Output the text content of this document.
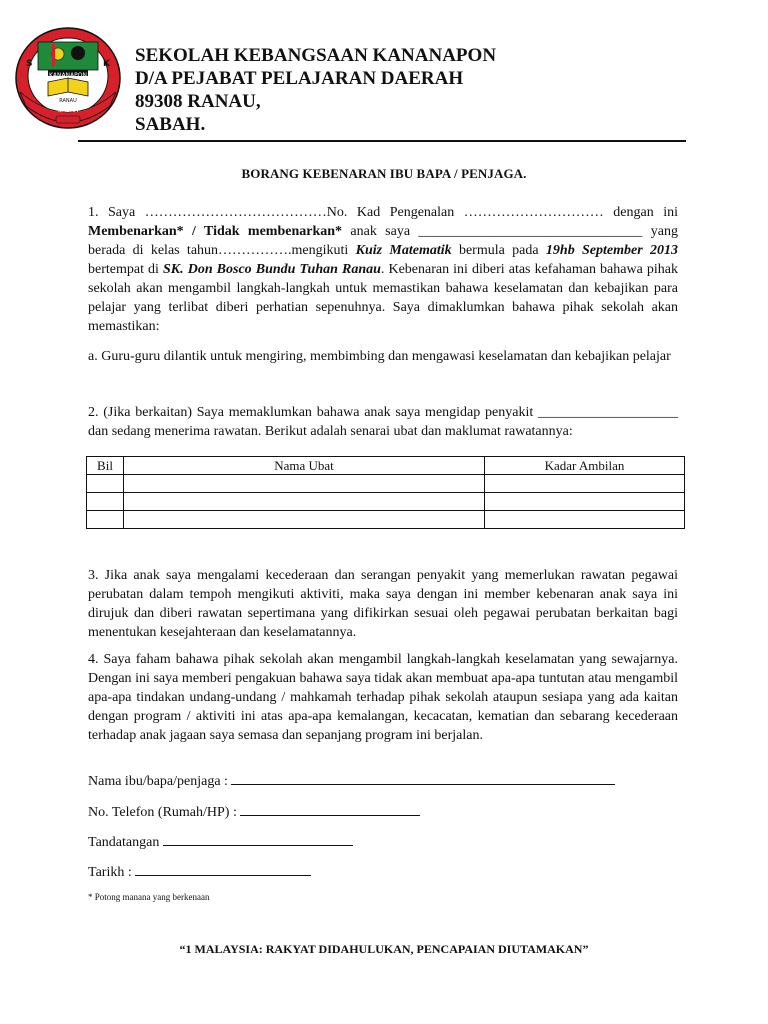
S	K
KANANAPON
RANAU
SABAH
SEKOLAH KEBANGSAAN KANANAPON
D/A PEJABAT PELAJARAN DAERAH
89308 RANAU,
SABAH.
BORANG KEBENARAN IBU BAPA / PENJAGA.
1. Saya …………………………………No. Kad Pengenalan ………………………… dengan ini Membenarkan* / Tidak membenarkan* anak saya ________________________________ yang berada di kelas tahun…………….mengikuti Kuiz Matematik bermula pada 19hb September 2013 bertempat di SK. Don Bosco Bundu Tuhan Ranau. Kebenaran ini diberi atas kefahaman bahawa pihak sekolah akan mengambil langkah-langkah untuk memastikan bahawa keselamatan dan kebajikan para pelajar yang terlibat diberi perhatian sepenuhnya. Saya dimaklumkan bahawa pihak sekolah akan memastikan:
a. Guru-guru dilantik untuk mengiring, membimbing dan mengawasi keselamatan dan kebajikan pelajar
2. (Jika berkaitan) Saya memaklumkan bahawa anak saya mengidap penyakit ____________________ dan sedang menerima rawatan. Berikut adalah senarai ubat dan maklumat rawatannya:
Bil	Nama Ubat	Kadar Ambilan

3. Jika anak saya mengalami kecederaan dan serangan penyakit yang memerlukan rawatan pegawai perubatan dalam tempoh mengikuti aktiviti, maka saya dengan ini member kebenaran anak saya ini dirujuk dan diberi rawatan sepertimana yang difikirkan sesuai oleh pegawai perubatan berkaitan bagi menentukan kesejahteraan dan keselamatannya.
4. Saya faham bahawa pihak sekolah akan mengambil langkah-langkah keselamatan yang sewajarnya. Dengan ini saya memberi pengakuan bahawa saya tidak akan membuat apa-apa tuntutan atau mengambil apa-apa tindakan undang-undang / mahkamah terhadap pihak sekolah ataupun sesiapa yang ada kaitan dengan program / aktiviti ini atas apa-apa kemalangan, kecacatan, kematian dan sebarang kecederaan terhadap anak jagaan saya semasa dan sepanjang program ini berjalan.
Nama ibu/bapa/penjaga :
No. Telefon (Rumah/HP) :
Tandatangan
Tarikh :
* Potong manana yang berkenaan
“1 MALAYSIA: RAKYAT DIDAHULUKAN, PENCAPAIAN DIUTAMAKAN”
